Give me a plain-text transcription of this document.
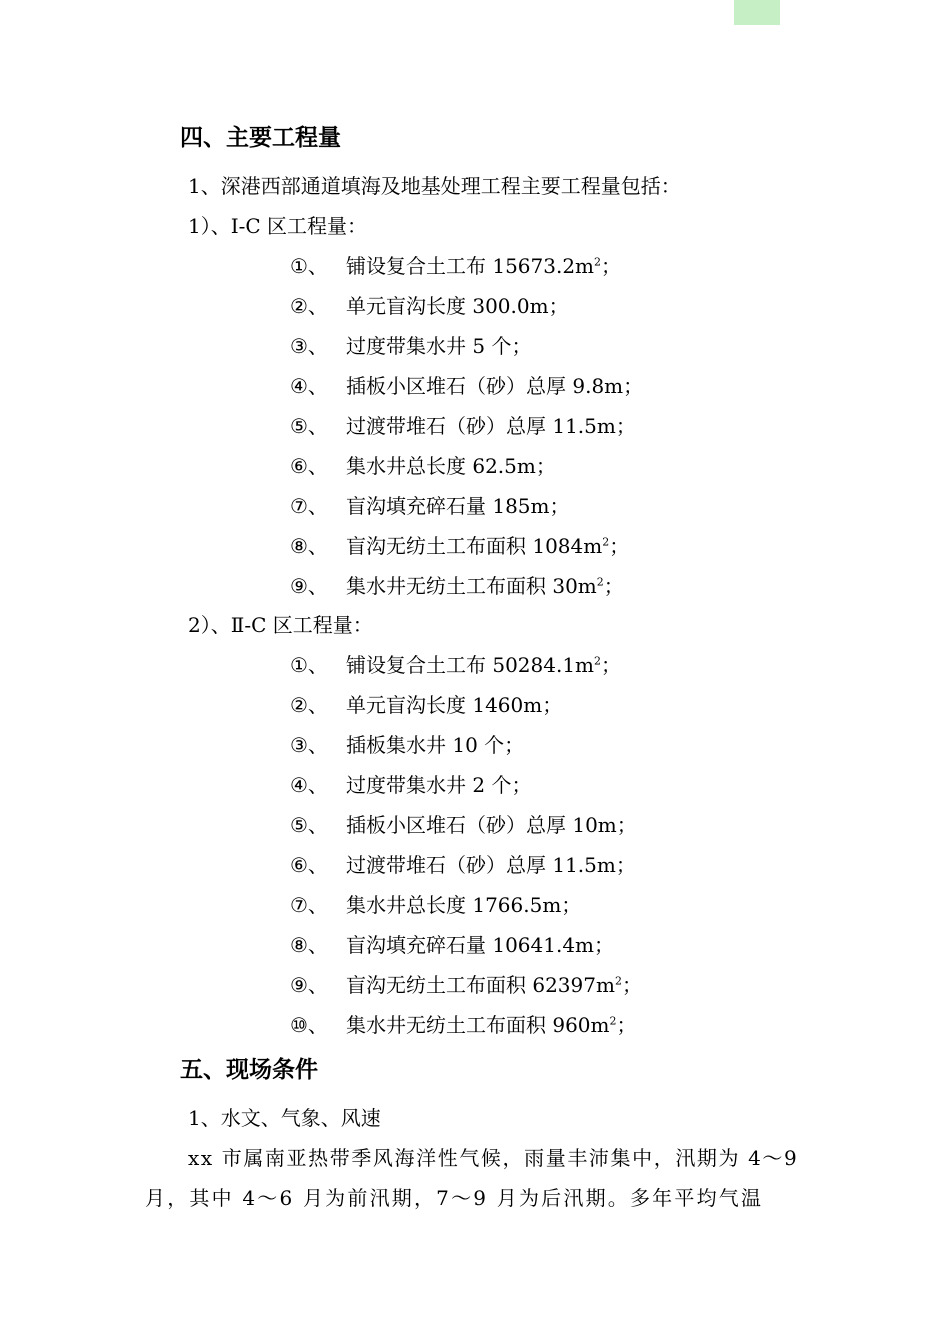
四、主要工程量
1、深港西部通道填海及地基处理工程主要工程量包括：
1）、Ⅰ-C 区工程量：
①、 铺设复合土工布 $15673.2m^2$；
②、 单元盲沟长度 300.0m；
③、 过度带集水井 5 个；
④、 插板小区堆石（砂）总厚 9.8m；
⑤、 过渡带堆石（砂）总厚 11.5m；
⑥、 集水井总长度 62.5m；
⑦、 盲沟填充碎石量 185m；
⑧、 盲沟无纺土工布面积 $1084m^2$；
⑨、 集水井无纺土工布面积 $30m^2$；
2）、Ⅱ-C 区工程量：
①、 铺设复合土工布 $50284.1m^2$；
②、 单元盲沟长度 1460m；
③、 插板集水井 10 个；
④、 过度带集水井 2 个；
⑤、 插板小区堆石（砂）总厚 10m；
⑥、 过渡带堆石（砂）总厚 11.5m；
⑦、 集水井总长度 1766.5m；
⑧、 盲沟填充碎石量 10641.4m；
⑨、 盲沟无纺土工布面积 $62397m^2$；
⑩、 集水井无纺土工布面积 $960m^2$；
五、现场条件
1、水文、气象、风速
xx 市属南亚热带季风海洋性气候，雨量丰沛集中，汛期为 4～9
月，其中 4～6 月为前汛期，7～9 月为后汛期。多年平均气温
